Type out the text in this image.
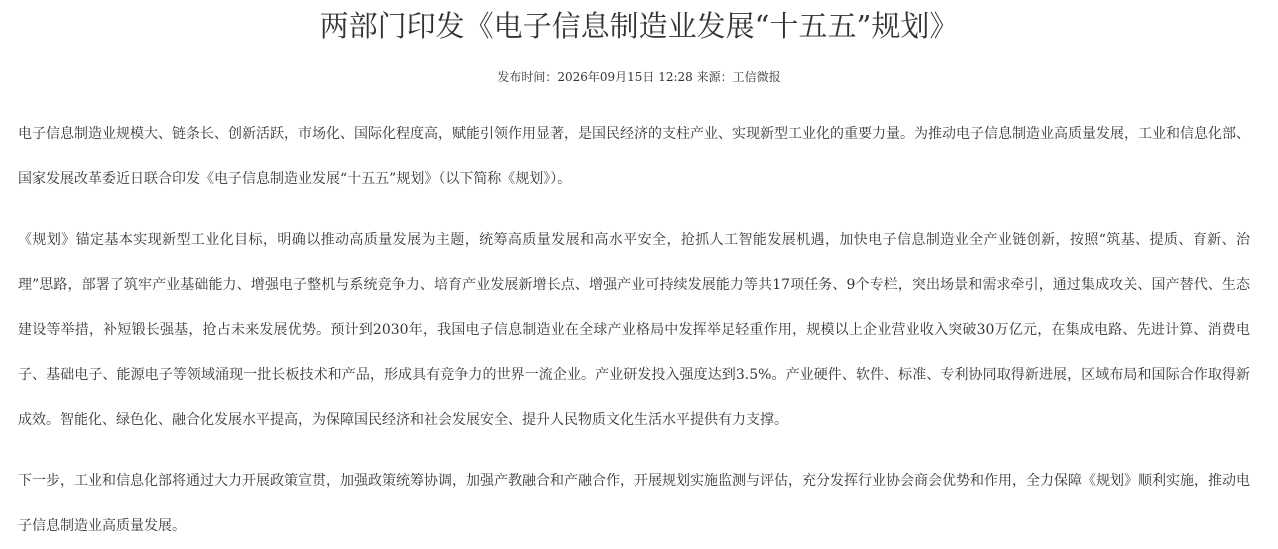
两部门印发《电子信息制造业发展“十五五”规划》
发布时间：2026年09月15日 12:28 来源：工信微报

电子信息制造业规模大、链条长、创新活跃，市场化、国际化程度高，赋能引领作用显著，是国民经济的支柱产业、实现新型工业化的重要力量。为推动电子信息制造业高质量发展，工业和信息化部、国家发展改革委近日联合印发《电子信息制造业发展“十五五”规划》（以下简称《规划》）。

《规划》锚定基本实现新型工业化目标，明确以推动高质量发展为主题，统筹高质量发展和高水平安全，抢抓人工智能发展机遇，加快电子信息制造业全产业链创新，按照“筑基、提质、育新、治理”思路，部署了筑牢产业基础能力、增强电子整机与系统竞争力、培育产业发展新增长点、增强产业可持续发展能力等共17项任务、9个专栏，突出场景和需求牵引，通过集成攻关、国产替代、生态建设等举措，补短锻长强基，抢占未来发展优势。预计到2030年，我国电子信息制造业在全球产业格局中发挥举足轻重作用，规模以上企业营业收入突破30万亿元，在集成电路、先进计算、消费电子、基础电子、能源电子等领域涌现一批长板技术和产品，形成具有竞争力的世界一流企业。产业研发投入强度达到3.5%。产业硬件、软件、标准、专利协同取得新进展，区域布局和国际合作取得新成效。智能化、绿色化、融合化发展水平提高，为保障国民经济和社会发展安全、提升人民物质文化生活水平提供有力支撑。

下一步，工业和信息化部将通过大力开展政策宣贯，加强政策统筹协调，加强产教融合和产融合作，开展规划实施监测与评估，充分发挥行业协会商会优势和作用，全力保障《规划》顺利实施，推动电子信息制造业高质量发展。
